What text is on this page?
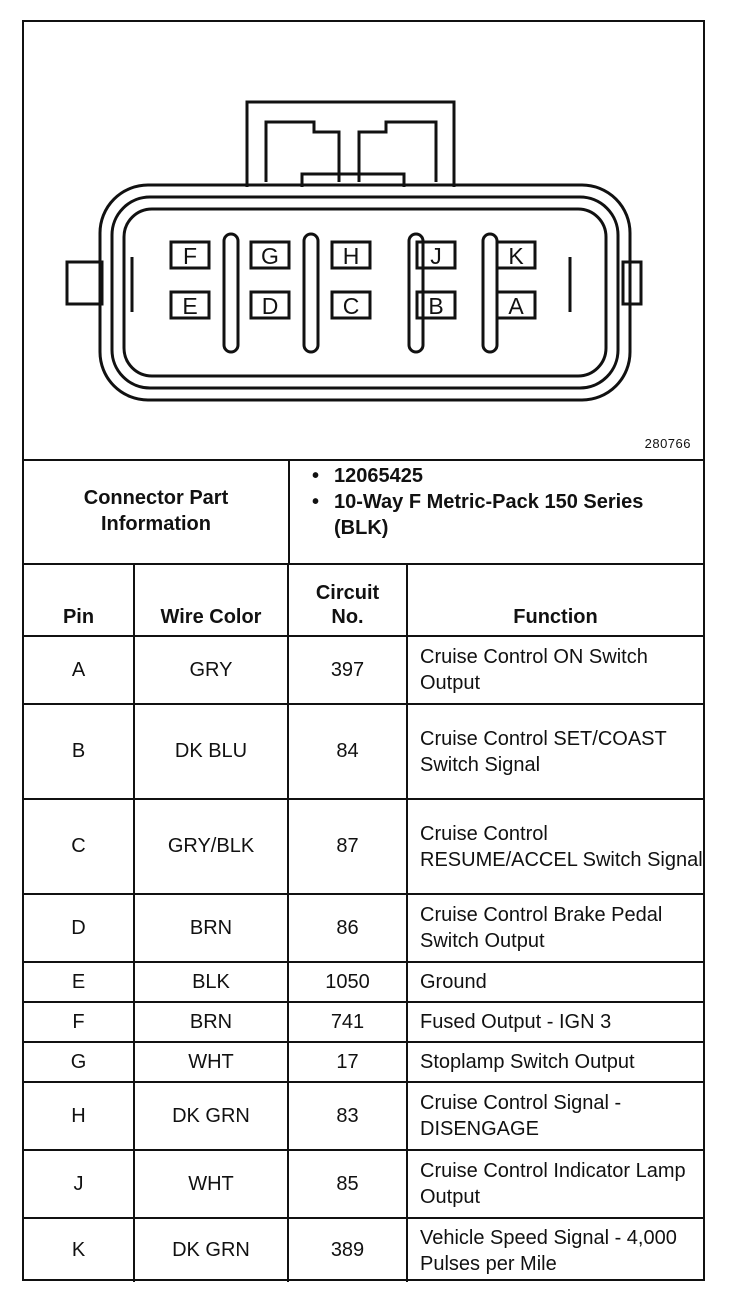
F	G	H	J	K
E	D	C	B	A
280766
Connector Part Information
• 12065425
• 10-Way F Metric-Pack 150 Series (BLK)
Pin	Wire Color	Circuit No.	Function
A	GRY	397	Cruise Control ON Switch Output
B	DK BLU	84	Cruise Control SET/COAST Switch Signal
C	GRY/BLK	87	Cruise Control RESUME/ACCEL Switch Signal
D	BRN	86	Cruise Control Brake Pedal Switch Output
E	BLK	1050	Ground
F	BRN	741	Fused Output - IGN 3
G	WHT	17	Stoplamp Switch Output
H	DK GRN	83	Cruise Control Signal - DISENGAGE
J	WHT	85	Cruise Control Indicator Lamp Output
K	DK GRN	389	Vehicle Speed Signal - 4,000 Pulses per Mile
